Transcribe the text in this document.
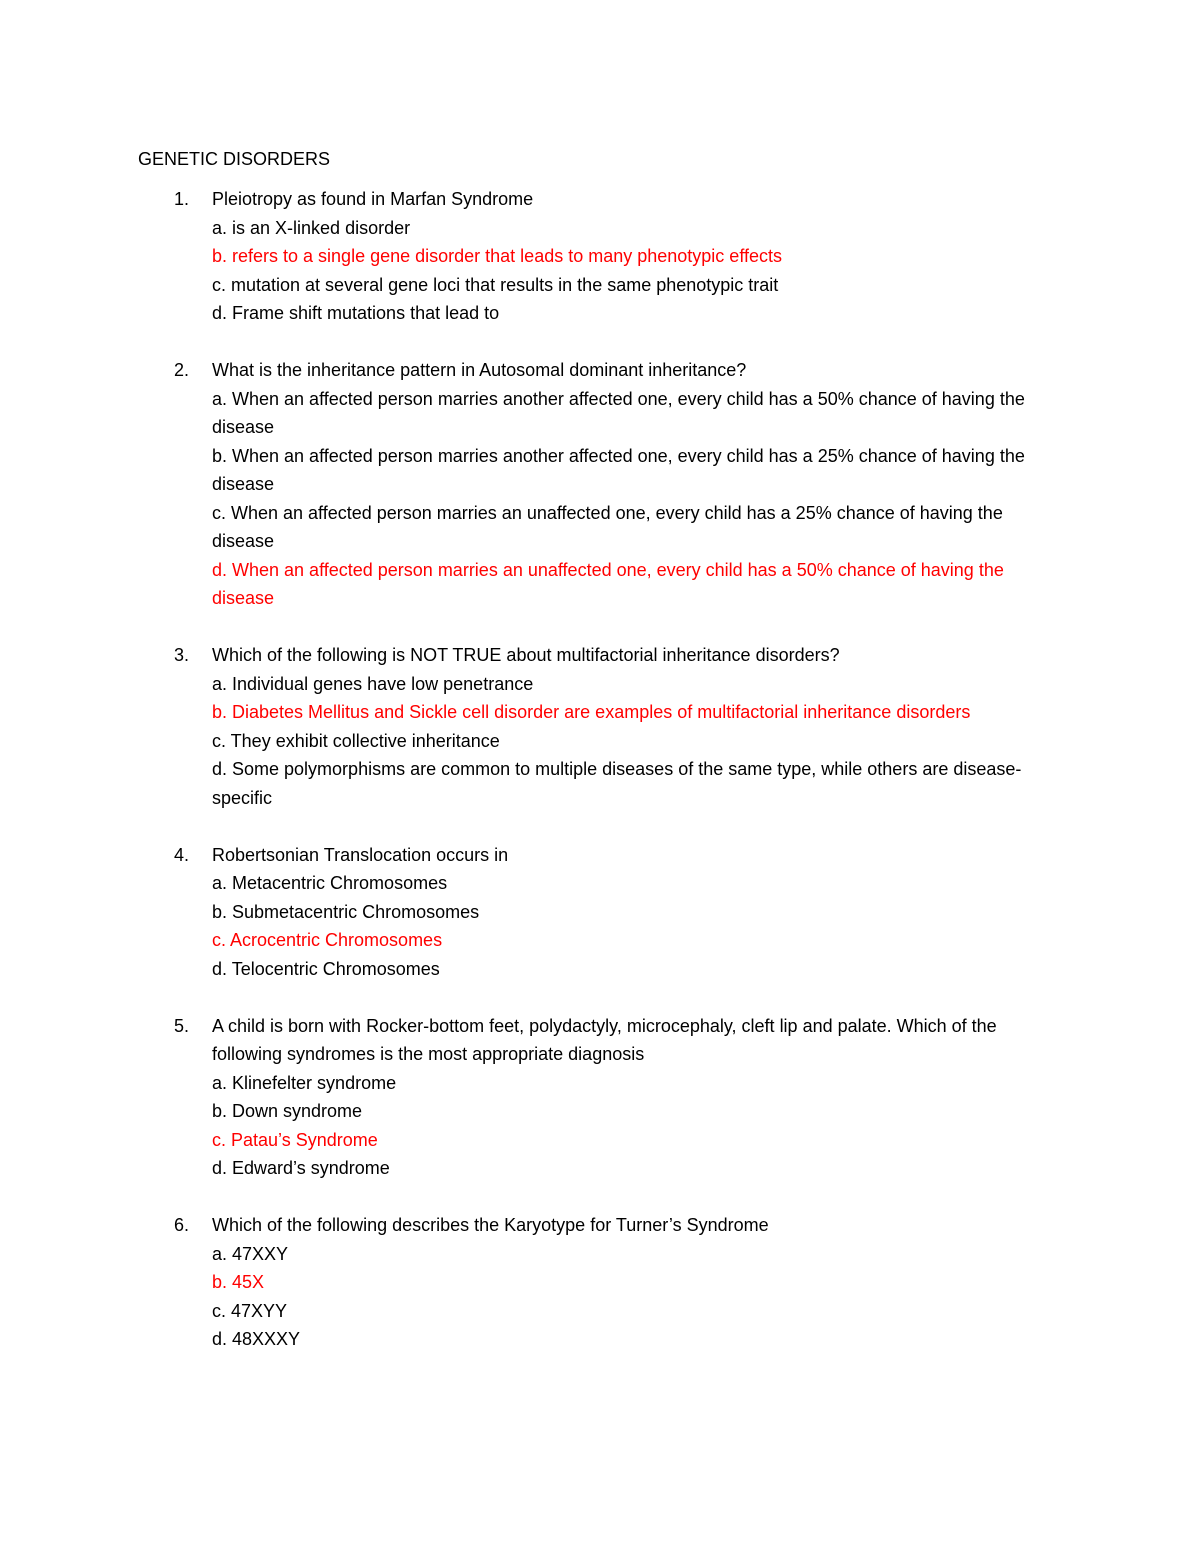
GENETIC DISORDERS
1. Pleiotropy as found in Marfan Syndrome
a. is an X-linked disorder
b. refers to a single gene disorder that leads to many phenotypic effects
c. mutation at several gene loci that results in the same phenotypic trait
d. Frame shift mutations that lead to
2. What is the inheritance pattern in Autosomal dominant inheritance?
a. When an affected person marries another affected one, every child has a 50% chance of having the disease
b. When an affected person marries another affected one, every child has a 25% chance of having the disease
c. When an affected person marries an unaffected one, every child has a 25% chance of having the disease
d. When an affected person marries an unaffected one, every child has a 50% chance of having the disease
3. Which of the following is NOT TRUE about multifactorial inheritance disorders?
a. Individual genes have low penetrance
b. Diabetes Mellitus and Sickle cell disorder are examples of multifactorial inheritance disorders
c. They exhibit collective inheritance
d. Some polymorphisms are common to multiple diseases of the same type, while others are disease-specific
4. Robertsonian Translocation occurs in
a. Metacentric Chromosomes
b. Submetacentric Chromosomes
c. Acrocentric Chromosomes
d. Telocentric Chromosomes
5. A child is born with Rocker-bottom feet, polydactyly, microcephaly, cleft lip and palate. Which of the following syndromes is the most appropriate diagnosis
a. Klinefelter syndrome
b. Down syndrome
c. Patau’s Syndrome
d. Edward’s syndrome
6. Which of the following describes the Karyotype for Turner’s Syndrome
a. 47XXY
b. 45X
c. 47XYY
d. 48XXXY
